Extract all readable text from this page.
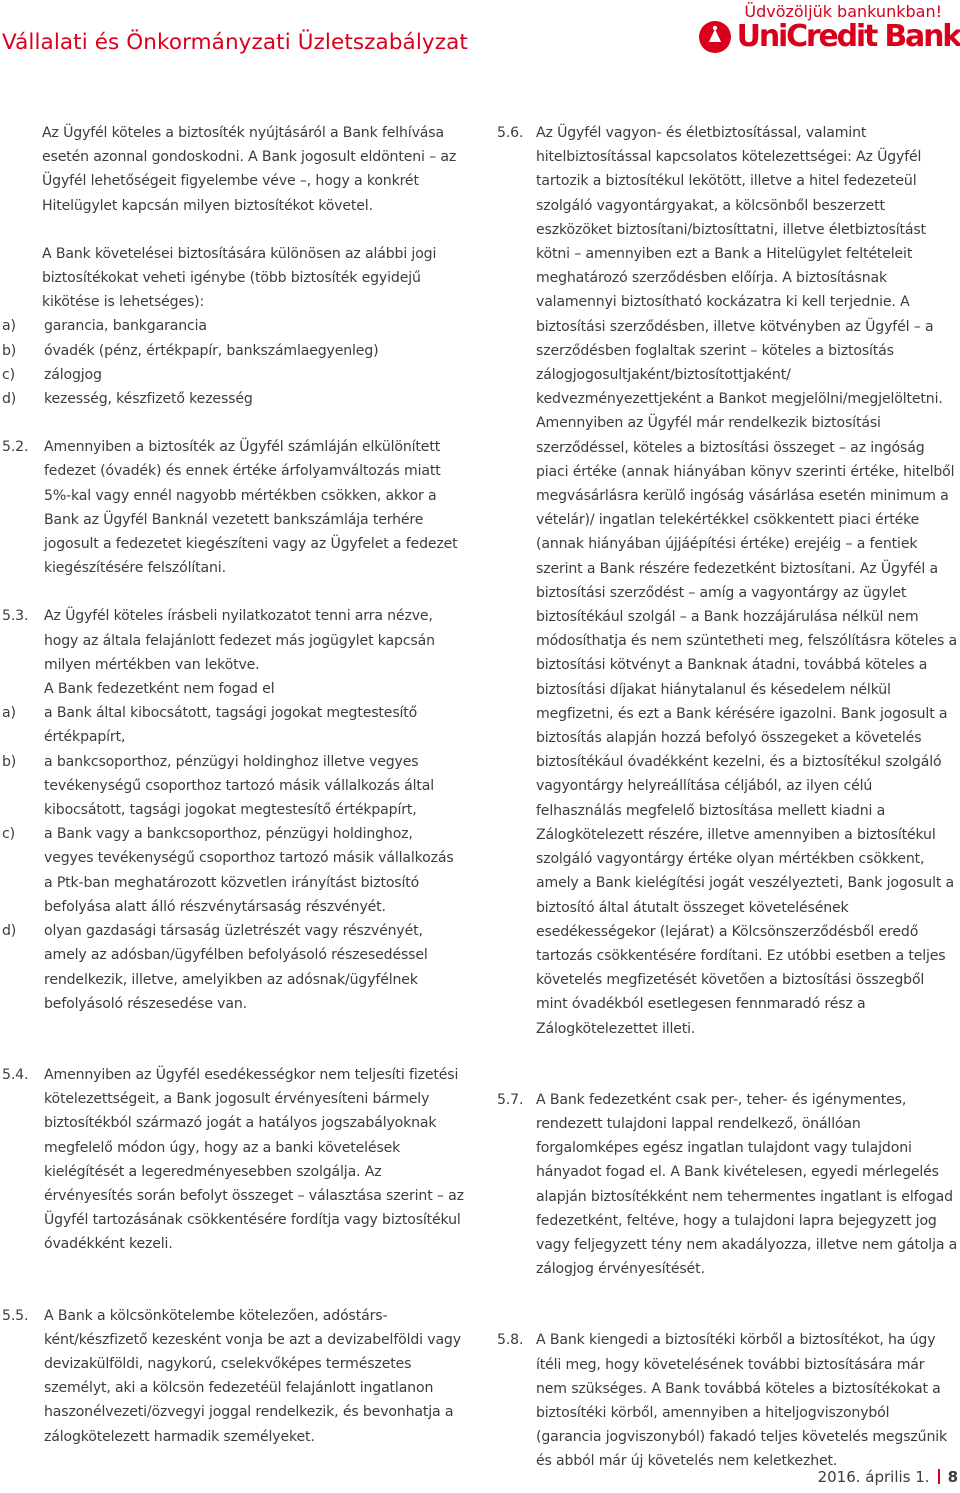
Vállalati és Önkormányzati Üzletszabályzat
Üdvözöljük bankunkban!
UniCredit Bank

Az Ügyfél köteles a biztosíték nyújtásáról a Bank felhívása esetén azonnal gondoskodni. A Bank jogosult eldönteni – az Ügyfél lehetőségeit figyelembe véve –, hogy a konkrét Hitelügylet kapcsán milyen biztosítékot követel.

A Bank követelései biztosítására különösen az alábbi jogi biztosítékokat veheti igénybe (több biztosíték egyidejű kikötése is lehetséges):

a) garancia, bankgarancia
b) óvadék (pénz, értékpapír, bankszámlaegyenleg)
c) zálogjog
d) kezesség, készfizető kezesség
5.2. Amennyiben a biztosíték az Ügyfél számláján elkülönített fedezet (óvadék) és ennek értéke árfolyamváltozás miatt 5%-kal vagy ennél nagyobb mértékben csökken, akkor a Bank az Ügyfél Banknál vezetett bankszámlája terhére jogosult a fedezetet kiegészíteni vagy az Ügyfelet a fedezet kiegészítésére felszólítani.

5.3. Az Ügyfél köteles írásbeli nyilatkozatot tenni arra nézve, hogy az általa felajánlott fedezet más jogügylet kapcsán milyen mértékben van lekötve.

A Bank fedezetként nem fogad el

a) a Bank által kibocsátott, tagsági jogokat megtestesítő értékpapírt,
b) a bankcsoporthoz, pénzügyi holdinghoz illetve vegyes tevékenységű csoporthoz tartozó másik vállalkozás által kibocsátott, tagsági jogokat megtestesítő értékpapírt,
c) a Bank vagy a bankcsoporthoz, pénzügyi holdinghoz, vegyes tevékenységű csoporthoz tartozó másik vállalkozás a Ptk-ban meghatározott közvetlen irányítást biztosító befolyása alatt álló részvénytársaság részvényét.
d) olyan gazdasági társaság üzletrészét vagy részvényét, amely az adósban/ügyfélben befolyásoló részesedéssel rendelkezik, illetve, amelyikben az adósnak/ügyfélnek befolyásoló részesedése van.
5.4. Amennyiben az Ügyfél esedékességkor nem teljesíti fizetési kötelezettségeit, a Bank jogosult érvényesíteni bármely biztosítékból származó jogát a hatályos jogszabályoknak megfelelő módon úgy, hogy az a banki követelések kielégítését a legeredményesebben szolgálja. Az érvényesítés során befolyt összeget – választása szerint – az Ügyfél tartozásának csökkentésére fordítja vagy biztosítékul óvadékként kezeli.

5.5. A Bank a kölcsönkötelembe kötelezően, adóstárs-ként/készfizető kezesként vonja be azt a devizabelföldi vagy devizakülföldi, nagykorú, cselekvőképes természetes személyt, aki a kölcsön fedezetéül felajánlott ingatlanon haszonélvezeti/özvegyi joggal rendelkezik, és bevonhatja a zálogkötelezett harmadik személyeket.

5.6. Az Ügyfél vagyon- és életbiztosítással, valamint hitelbiztosítással kapcsolatos kötelezettségei: Az Ügyfél tartozik a biztosítékul lekötött, illetve a hitel fedezeteül szolgáló vagyontárgyakat, a kölcsönből beszerzett eszközöket biztosítani/biztosíttatni, illetve életbiztosítást kötni – amennyiben ezt a Bank a Hitelügylet feltételeit meghatározó szerződésben előírja. A biztosításnak valamennyi biztosítható kockázatra ki kell terjednie. A biztosítási szerződésben, illetve kötvényben az Ügyfél – a szerződésben foglaltak szerint – köteles a biztosítás zálogjogosultjaként/biztosítottjaként/ kedvezményezettjeként a Bankot megjelölni/megjelöltetni. Amennyiben az Ügyfél már rendelkezik biztosítási szerződéssel, köteles a biztosítási összeget – az ingóság piaci értéke (annak hiányában könyv szerinti értéke, hitelből megvásárlásra kerülő ingóság vásárlása esetén minimum a vételár)/ ingatlan telekértékkel csökkentett piaci értéke (annak hiányában újjáépítési értéke) erejéig – a fentiek szerint a Bank részére fedezetként biztosítani. Az Ügyfél a biztosítási szerződést – amíg a vagyontárgy az ügylet biztosítékául szolgál – a Bank hozzájárulása nélkül nem módosíthatja és nem szüntetheti meg, felszólításra köteles a biztosítási kötvényt a Banknak átadni, továbbá köteles a biztosítási díjakat hiánytalanul és késedelem nélkül megfizetni, és ezt a Bank kérésére igazolni. Bank jogosult a biztosítás alapján hozzá befolyó összegeket a követelés biztosítékául óvadékként kezelni, és a biztosítékul szolgáló vagyontárgy helyreállítása céljából, az ilyen célú felhasználás megfelelő biztosítása mellett kiadni a Zálogkötelezett részére, illetve amennyiben a biztosítékul szolgáló vagyontárgy értéke olyan mértékben csökkent, amely a Bank kielégítési jogát veszélyezteti, Bank jogosult a biztosító által átutalt összeget követelésének esedékességekor (lejárat) a Kölcsönszerződésből eredő tartozás csökkentésére fordítani. Ez utóbbi esetben a teljes követelés megfizetését követően a biztosítási összegből mint óvadékból esetlegesen fennmaradó rész a Zálogkötelezettet illeti.

5.7. A Bank fedezetként csak per-, teher- és igénymentes, rendezett tulajdoni lappal rendelkező, önállóan forgalomképes egész ingatlan tulajdont vagy tulajdoni hányadot fogad el. A Bank kivételesen, egyedi mérlegelés alapján biztosítékként nem tehermentes ingatlant is elfogad fedezetként, feltéve, hogy a tulajdoni lapra bejegyzett jog vagy feljegyzett tény nem akadályozza, illetve nem gátolja a zálogjog érvényesítését.

5.8. A Bank kiengedi a biztosítéki körből a biztosítékot, ha úgy ítéli meg, hogy követelésének további biztosítására már nem szükséges. A Bank továbbá köteles a biztosítékokat a biztosítéki körből, amennyiben a hiteljogviszonyból (garancia jogviszonyból) fakadó teljes követelés megszűnik és abból már új követelés nem keletkezhet.

2016. április 1. 8
